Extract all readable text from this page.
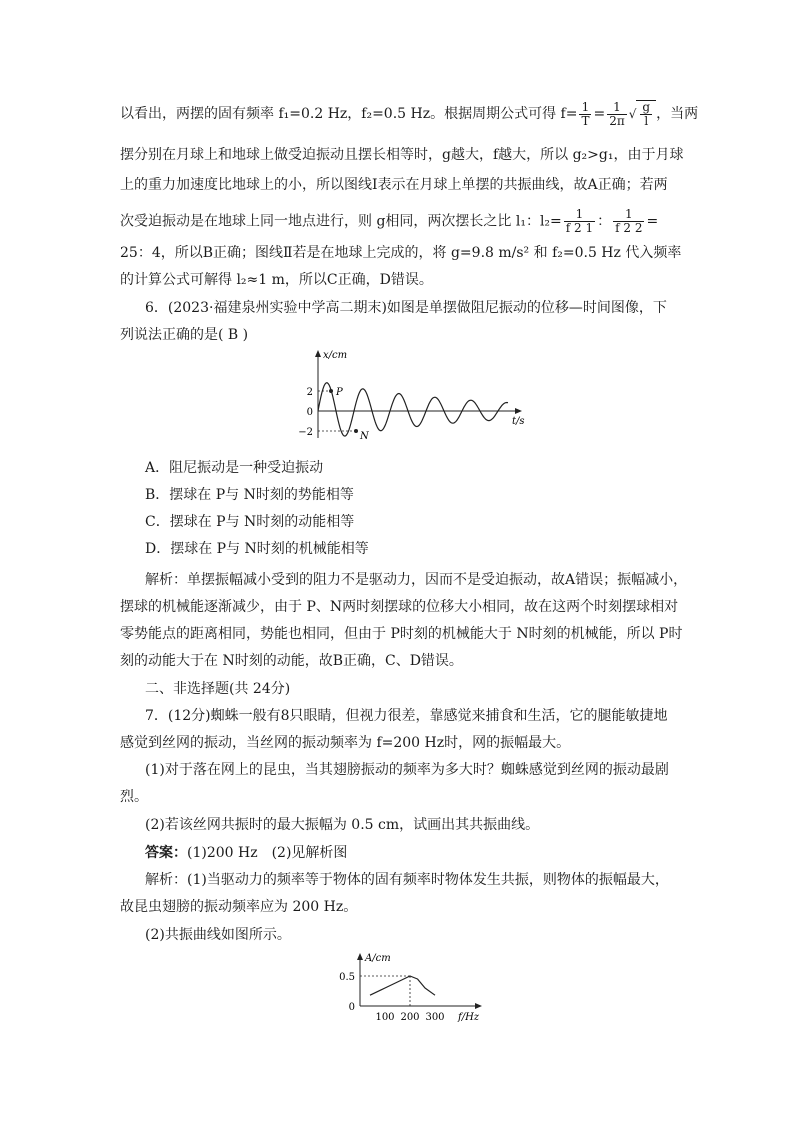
以看出，两摆的固有频率 f₁=0.2 Hz，f₂=0.5 Hz。根据周期公式可得 $f= \frac{1}{T} = \frac{1}{2\pi}$ √ $\frac{g}{l}$ ，当两
摆分别在月球上和地球上做受迫振动且摆长相等时，g越大，f越大，所以 g₂>g₁，由于月球
上的重力加速度比地球上的小，所以图线Ⅰ表示在月球上单摆的共振曲线，故A正确；若两
次受迫振动是在地球上同一地点进行，则 g相同，两次摆长之比 l₁：$l_2= \frac{1}{f 2 1}$ ： $\frac{1}{f 2 2}$ =
25：4，所以B正确；图线Ⅱ若是在地球上完成的，将 g=9.8 m/s² 和 f₂=0.5 Hz 代入频率
的计算公式可解得 l₂≈1 m，所以C正确，D错误。
6．(2023·福建泉州实验中学高二期末)如图是单摆做阻尼振动的位移—时间图像，下
列说法正确的是( B )
x/cm
t/s
2
0
−2
P
N
A．阻尼振动是一种受迫振动
B．摆球在 P与 N时刻的势能相等
C．摆球在 P与 N时刻的动能相等
D．摆球在 P与 N时刻的机械能相等
解析：单摆振幅减小受到的阻力不是驱动力，因而不是受迫振动，故A错误；振幅减小，
摆球的机械能逐渐减少，由于 P、N两时刻摆球的位移大小相同，故在这两个时刻摆球相对
零势能点的距离相同，势能也相同，但由于 P时刻的机械能大于 N时刻的机械能，所以 P时
刻的动能大于在 N时刻的动能，故B正确，C、D错误。
二、非选择题(共 24分)
7．(12分)蜘蛛一般有8只眼睛，但视力很差，靠感觉来捕食和生活，它的腿能敏捷地
感觉到丝网的振动，当丝网的振动频率为 f=200 Hz时，网的振幅最大。
(1)对于落在网上的昆虫，当其翅膀振动的频率为多大时？蜘蛛感觉到丝网的振动最剧
烈。
(2)若该丝网共振时的最大振幅为 0.5 cm，试画出其共振曲线。
答案：(1)200 Hz　(2)见解析图
解析：(1)当驱动力的频率等于物体的固有频率时物体发生共振，则物体的振幅最大，
故昆虫翅膀的振动频率应为 200 Hz。
(2)共振曲线如图所示。
A/cm
f/Hz
0.5
0
100 200 300
